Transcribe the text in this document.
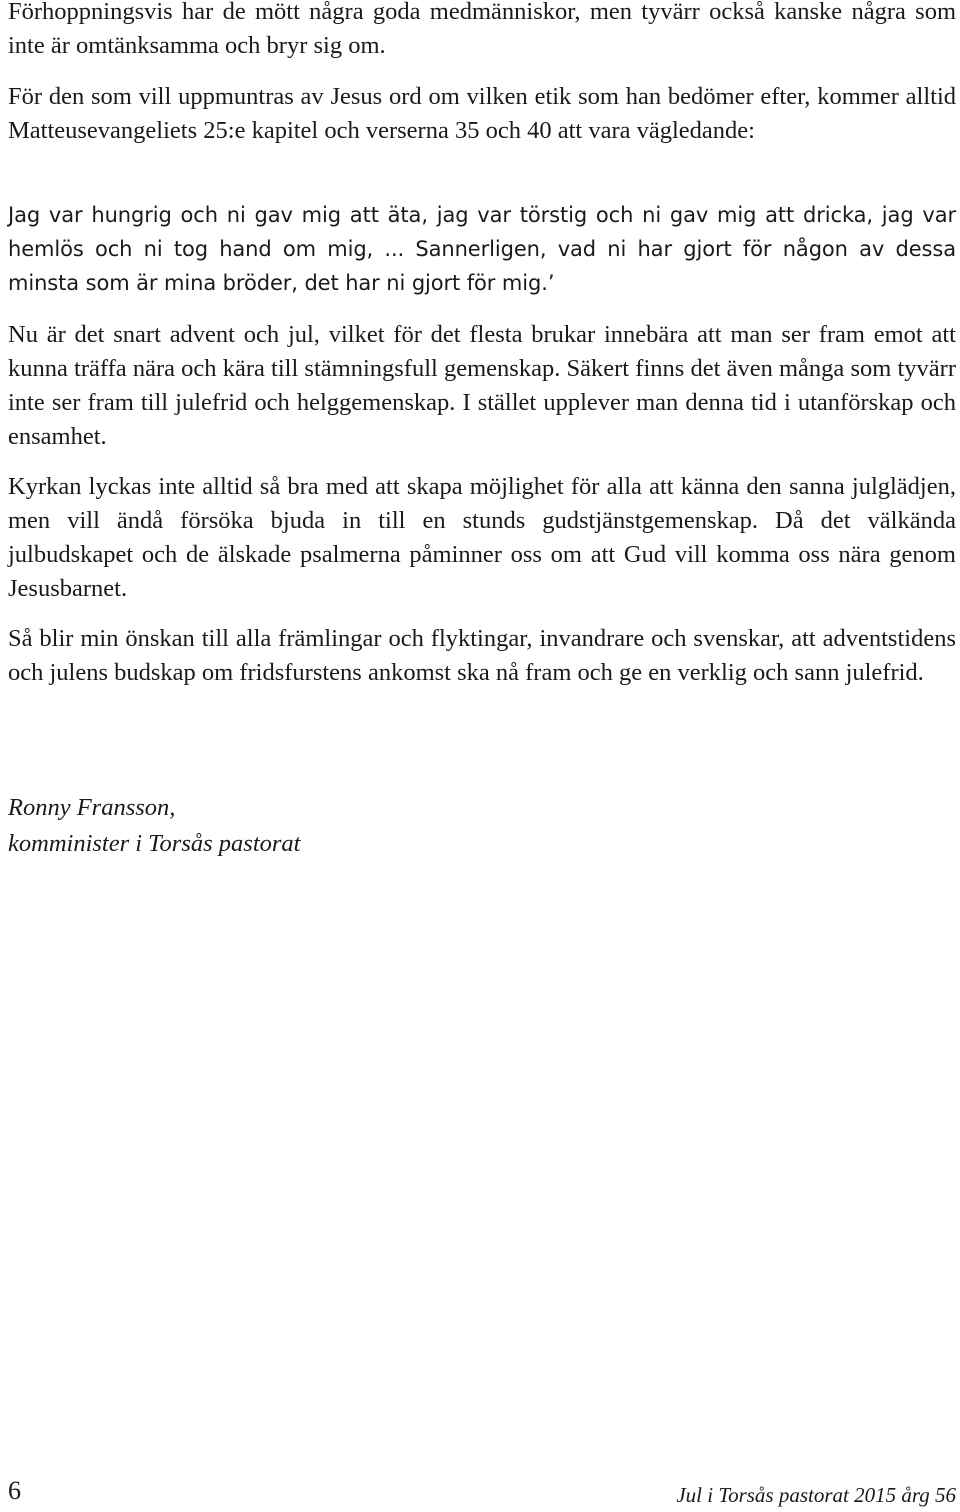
Förhoppningsvis har de mött några goda medmänniskor, men tyvärr också kanske några som inte är omtänksamma och bryr sig om.

För den som vill uppmuntras av Jesus ord om vilken etik som han bedömer efter, kommer alltid Matteusevangeliets 25:e kapitel och verserna 35 och 40 att vara vägledande:

Jag var hungrig och ni gav mig att äta, jag var törstig och ni gav mig att dricka, jag var hemlös och ni tog hand om mig, ... Sannerligen, vad ni har gjort för någon av dessa minsta som är mina bröder, det har ni gjort för mig.’

Nu är det snart advent och jul, vilket för det flesta brukar innebära att man ser fram emot att kunna träffa nära och kära till stämningsfull gemenskap. Säkert finns det även många som tyvärr inte ser fram till julefrid och helggemenskap. I stället upplever man denna tid i utanförskap och ensamhet.

Kyrkan lyckas inte alltid så bra med att skapa möjlighet för alla att känna den sanna julglädjen, men vill ändå försöka bjuda in till en stunds gudstjänstgemenskap. Då det välkända julbudskapet och de älskade psalmerna påminner oss om att Gud vill komma oss nära genom Jesusbarnet.

Så blir min önskan till alla främlingar och flyktingar, invandrare och svenskar, att adventstidens och julens budskap om fridsfurstens ankomst ska nå fram och ge en verklig och sann julefrid.

Ronny Fransson,
komminister i Torsås pastorat
6	Jul i Torsås pastorat 2015 årg 56
